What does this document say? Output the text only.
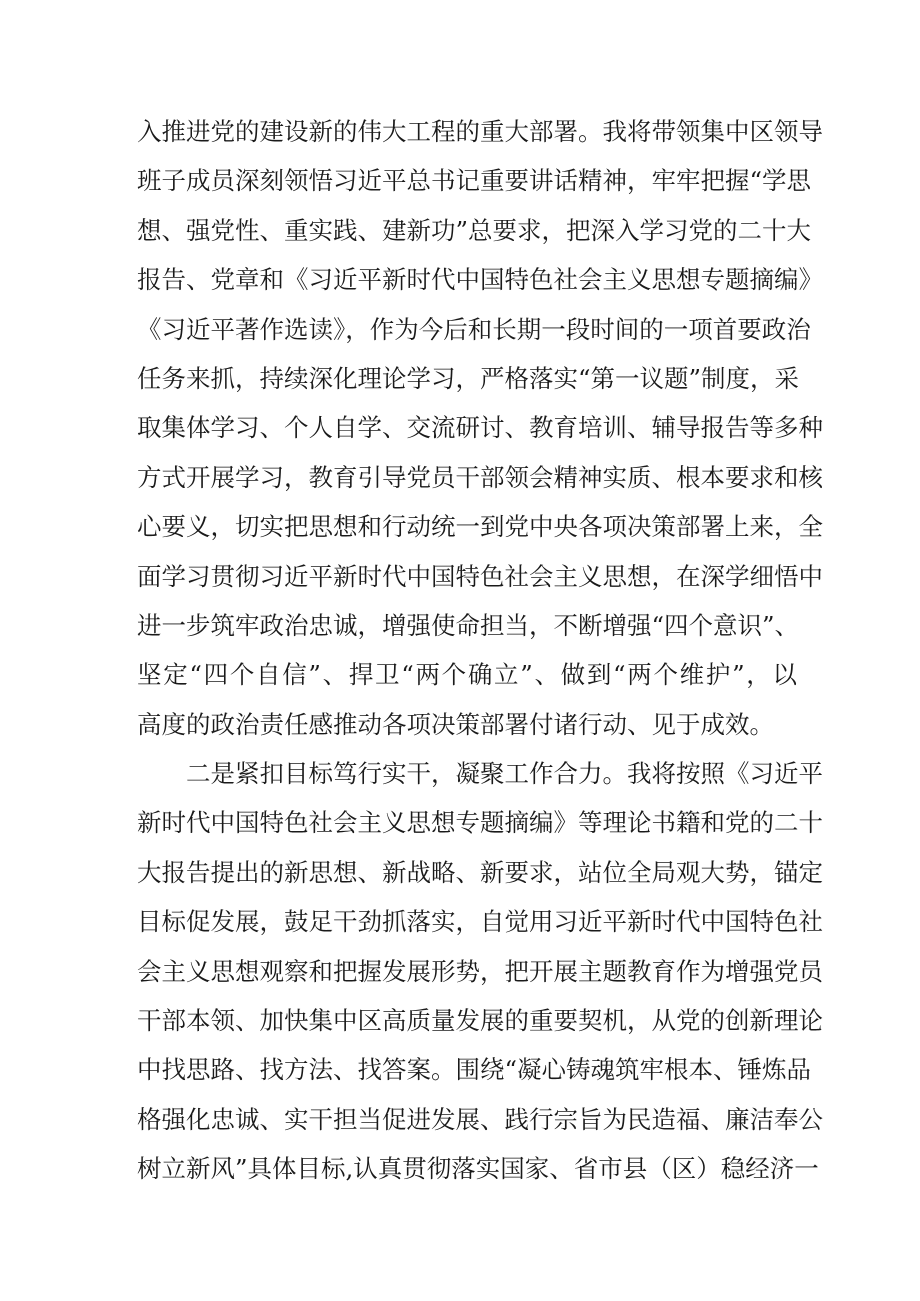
入推进党的建设新的伟大工程的重大部署。我将带领集中区领导
班子成员深刻领悟习近平总书记重要讲话精神，牢牢把握“学思
想、强党性、重实践、建新功”总要求，把深入学习党的二十大
报告、党章和《习近平新时代中国特色社会主义思想专题摘编》
《习近平著作选读》，作为今后和长期一段时间的一项首要政治
任务来抓，持续深化理论学习，严格落实“第一议题”制度，采
取集体学习、个人自学、交流研讨、教育培训、辅导报告等多种
方式开展学习，教育引导党员干部领会精神实质、根本要求和核
心要义，切实把思想和行动统一到党中央各项决策部署上来，全
面学习贯彻习近平新时代中国特色社会主义思想，在深学细悟中
进一步筑牢政治忠诚，增强使命担当，不断增强“四个意识”、
坚定“四个自信”、捍卫“两个确立”、做到“两个维护”，以
高度的政治责任感推动各项决策部署付诸行动、见于成效。
二是紧扣目标笃行实干，凝聚工作合力。我将按照《习近平
新时代中国特色社会主义思想专题摘编》等理论书籍和党的二十
大报告提出的新思想、新战略、新要求，站位全局观大势，锚定
目标促发展，鼓足干劲抓落实，自觉用习近平新时代中国特色社
会主义思想观察和把握发展形势，把开展主题教育作为增强党员
干部本领、加快集中区高质量发展的重要契机，从党的创新理论
中找思路、找方法、找答案。围绕“凝心铸魂筑牢根本、锤炼品
格强化忠诚、实干担当促进发展、践行宗旨为民造福、廉洁奉公
树立新风”具体目标,认真贯彻落实国家、省市县（区）稳经济一
